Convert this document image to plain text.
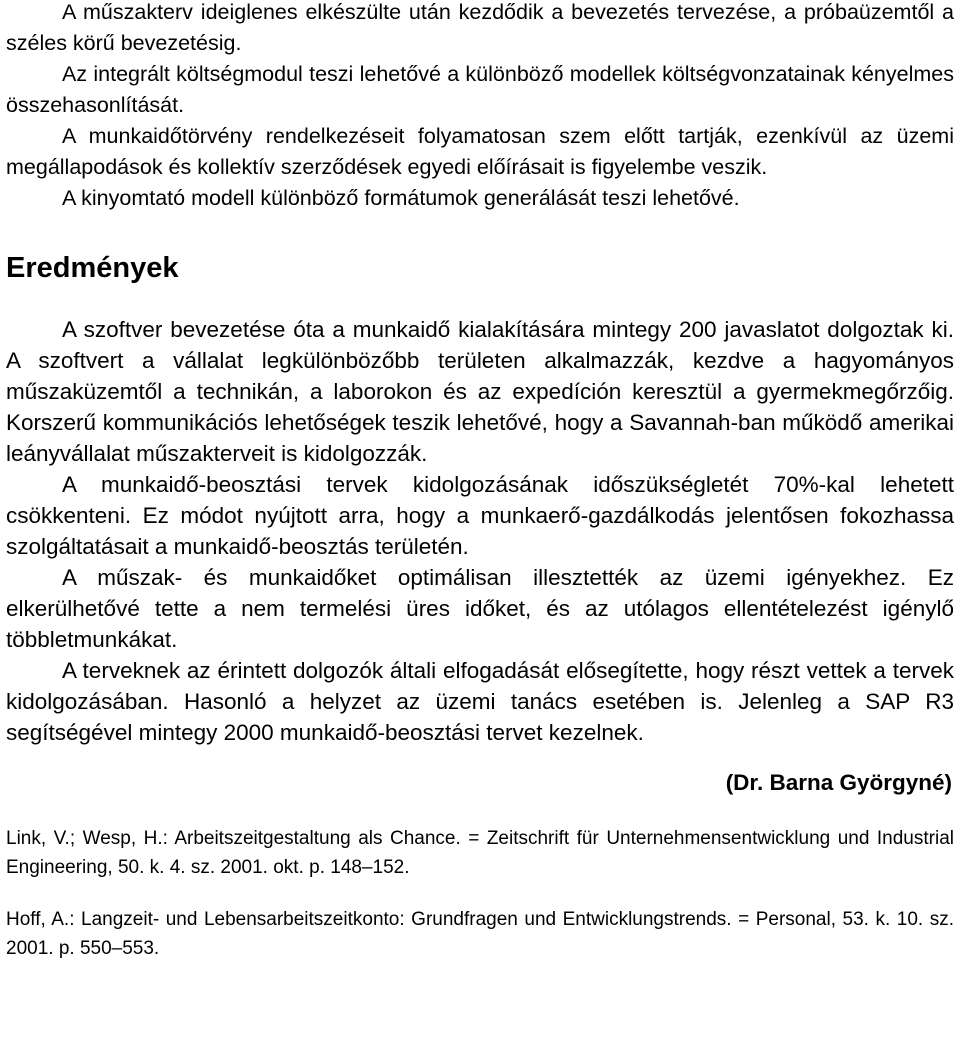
A műszakterv ideiglenes elkészülte után kezdődik a bevezetés tervezése, a próbaüzemtől a széles körű bevezetésig.

Az integrált költségmodul teszi lehetővé a különböző modellek költségvonzatainak kényelmes összehasonlítását.

A munkaidőtörvény rendelkezéseit folyamatosan szem előtt tartják, ezenkívül az üzemi megállapodások és kollektív szerződések egyedi előírásait is figyelembe veszik.

A kinyomtató modell különböző formátumok generálását teszi lehetővé.

Eredmények

A szoftver bevezetése óta a munkaidő kialakítására mintegy 200 javaslatot dolgoztak ki. A szoftvert a vállalat legkülönbözőbb területen alkalmazzák, kezdve a hagyományos műszaküzemtől a technikán, a laborokon és az expedíción keresztül a gyermekmegőrzőig. Korszerű kommunikációs lehetőségek teszik lehetővé, hogy a Savannah-ban működő amerikai leányvállalat műszakterveit is kidolgozzák.

A munkaidő-beosztási tervek kidolgozásának időszükségletét 70%-kal lehetett csökkenteni. Ez módot nyújtott arra, hogy a munkaerő-gazdálkodás jelentősen fokozhassa szolgáltatásait a munkaidő-beosztás területén.

A műszak- és munkaidőket optimálisan illesztették az üzemi igényekhez. Ez elkerülhetővé tette a nem termelési üres időket, és az utólagos ellentételezést igénylő többletmunkákat.

A terveknek az érintett dolgozók általi elfogadását elősegítette, hogy részt vettek a tervek kidolgozásában. Hasonló a helyzet az üzemi tanács esetében is. Jelenleg a SAP R3 segítségével mintegy 2000 munkaidő-beosztási tervet kezelnek.

(Dr. Barna Györgyné)

Link, V.; Wesp, H.: Arbeitszeitgestaltung als Chance. = Zeitschrift für Unternehmensentwicklung und Industrial Engineering, 50. k. 4. sz. 2001. okt. p. 148–152.

Hoff, A.: Langzeit- und Lebensarbeitszeitkonto: Grundfragen und Entwicklungstrends. = Personal, 53. k. 10. sz. 2001. p. 550–553.
